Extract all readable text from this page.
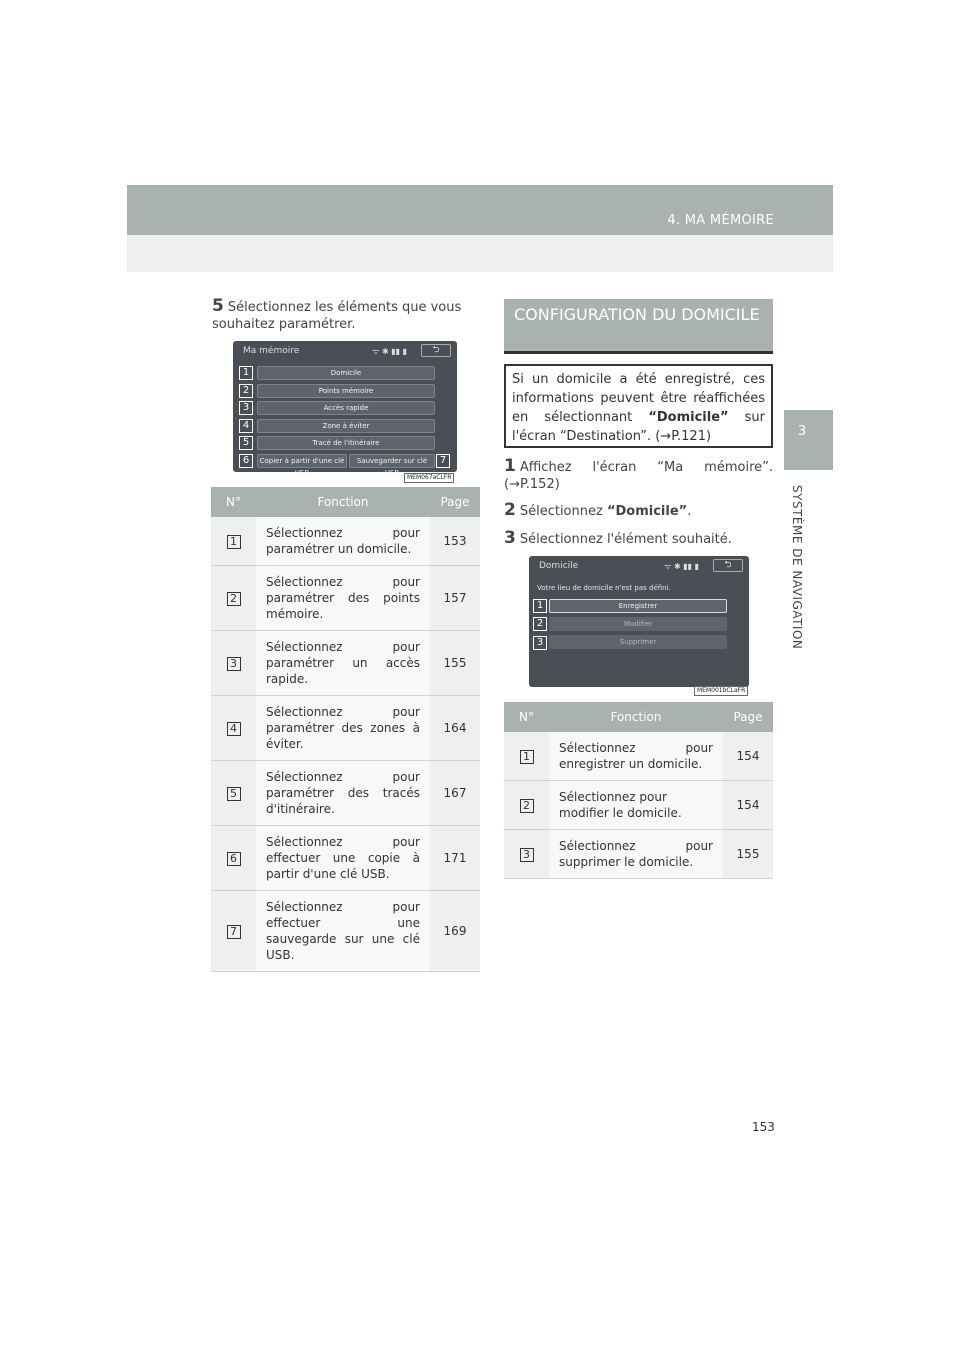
4. MA MÉMOIRE
3
SYSTÈME DE NAVIGATION
5 Sélectionnez les éléments que vous souhaitez paramétrer.
Ma mémoire	ᯤ ✱ ▮▮ ▮	⮌
1	Domicile
2	Points mémoire
3	Accès rapide
4	Zone à éviter
5	Tracé de l'itinéraire
6	Copier à partir d'une clé USB
Sauvegarder sur clé USB
7
MEM067aCLFR
N°	Fonction	Page
1	Sélectionnez pour paramétrer un domicile.	153
2	Sélectionnez pour paramétrer des points mémoire.	157
3	Sélectionnez pour paramétrer un accès rapide.	155
4	Sélectionnez pour paramétrer des zones à éviter.	164
5	Sélectionnez pour paramétrer des tracés d'itinéraire.	167
6	Sélectionnez pour effectuer une copie à partir d'une clé USB.	171
7	Sélectionnez pour effectuer une sauvegarde sur une clé USB.	169
CONFIGURATION DU DOMICILE
Si un domicile a été enregistré, ces informations peuvent être réaffichées en sélectionnant “Domicile” sur l'écran “Destination”. (→P.121)
1 Affichez l'écran “Ma mémoire”. (→P.152)
2 Sélectionnez “Domicile”.
3 Sélectionnez l'élément souhaité.
Domicile	ᯤ ✱ ▮▮ ▮	⮌
Votre lieu de domicile n'est pas défini.
1	Enregistrer
2	Modifier
3	Supprimer
MEM001bCLaFR
N°	Fonction	Page
1	Sélectionnez pour enregistrer un domicile.	154
2	Sélectionnez pour modifier le domicile.	154
3	Sélectionnez pour supprimer le domicile.	155
153
